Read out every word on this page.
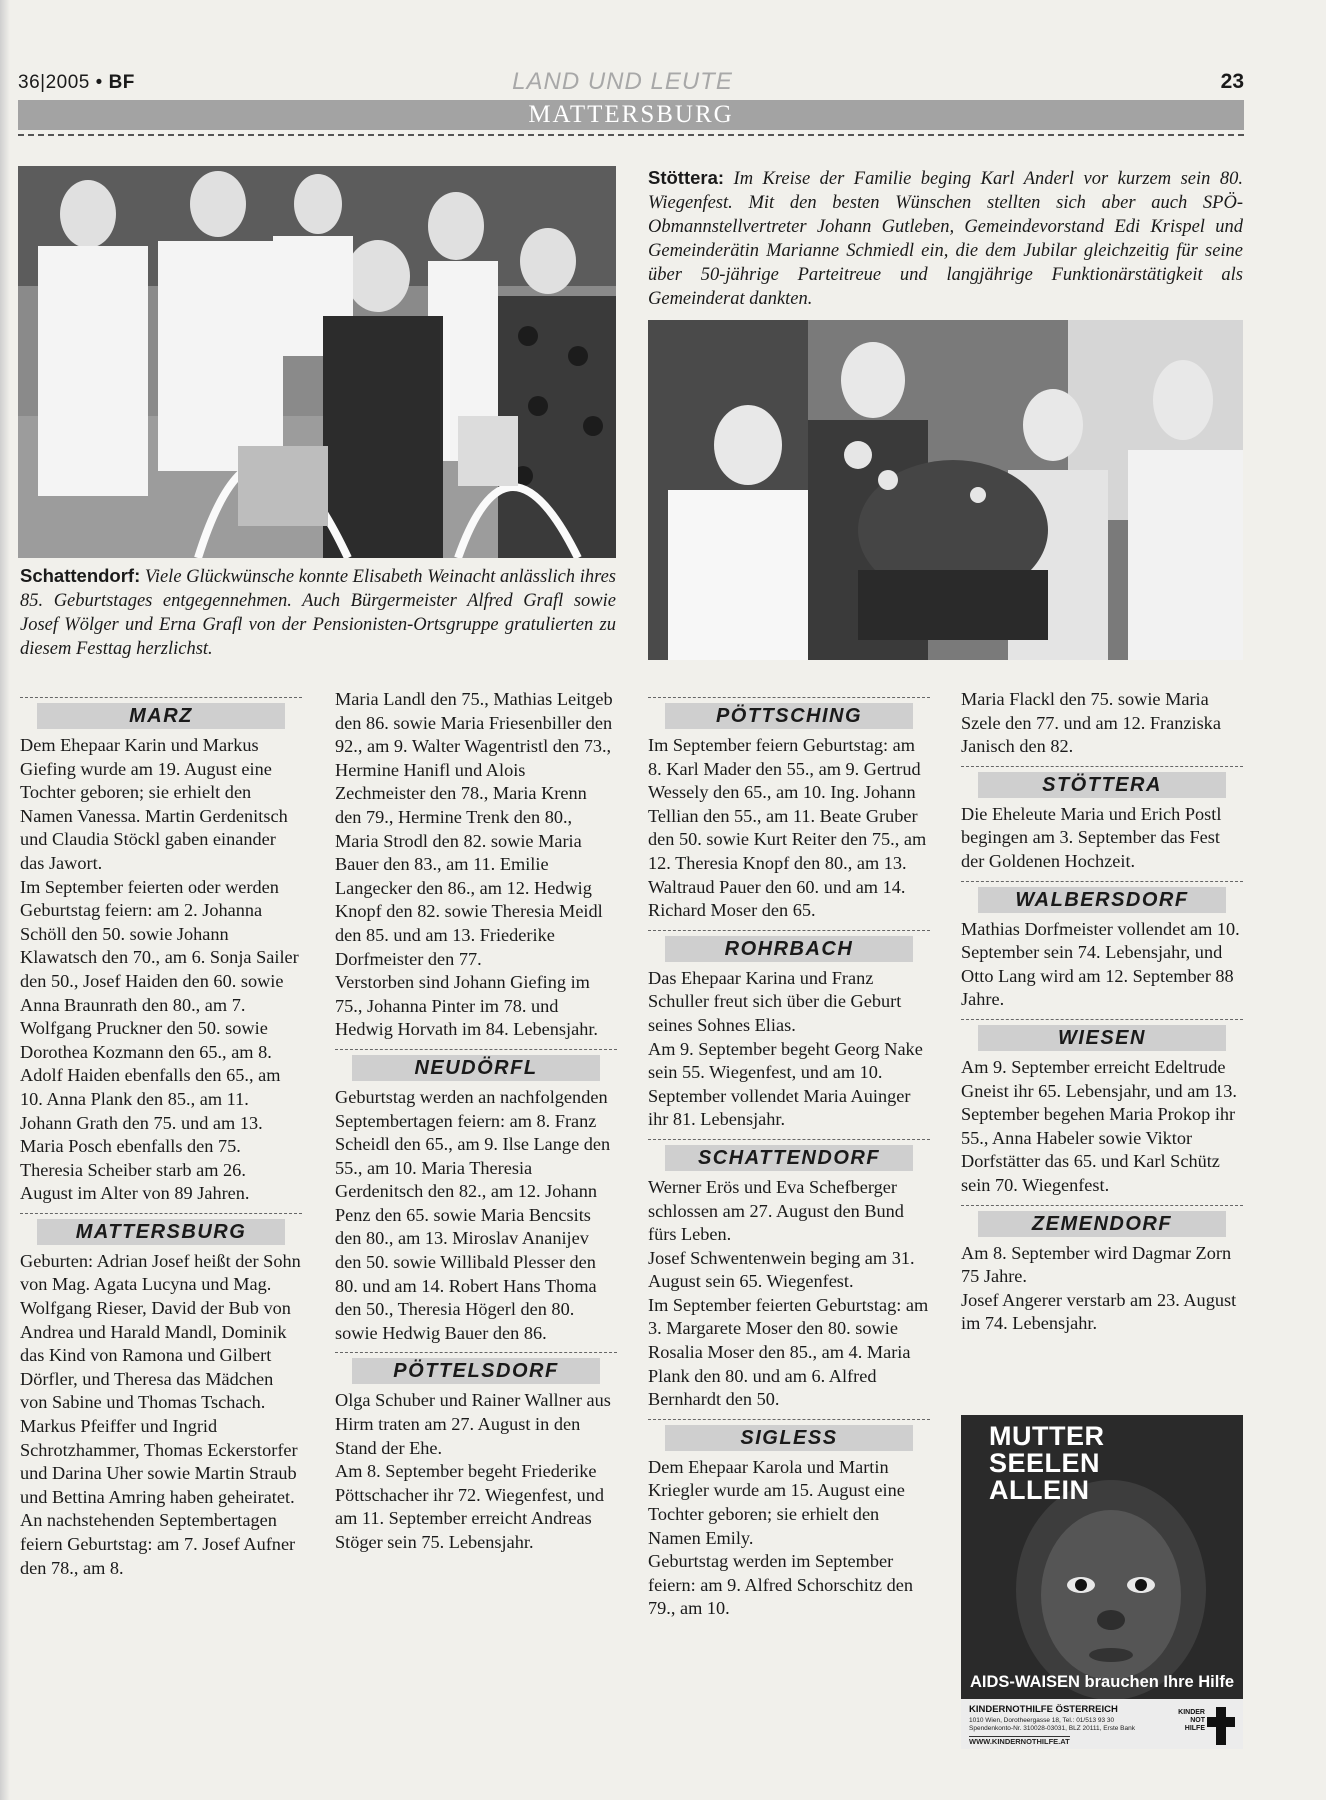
36|2005 • BF	LAND UND LEUTE	23
MATTERSBURG
Stöttera: Im Kreise der Familie beging Karl Anderl vor kurzem sein 80. Wiegenfest. Mit den besten Wünschen stellten sich aber auch SPÖ-Obmannstellvertreter Johann Gutleben, Gemeindevorstand Edi Krispel und Gemeinderätin Marianne Schmiedl ein, die dem Jubilar gleichzeitig für seine über 50-jährige Parteitreue und langjährige Funktionärstätigkeit als Gemeinderat dankten.
Schattendorf: Viele Glückwünsche konnte Elisabeth Weinacht anlässlich ihres 85. Geburtstages entgegennehmen. Auch Bürgermeister Alfred Grafl sowie Josef Wölger und Erna Grafl von der Pensionisten-Ortsgruppe gratulierten zu diesem Festtag herzlichst.
MARZ

Dem Ehepaar Karin und Markus Giefing wurde am 19. August eine Tochter geboren; sie erhielt den Namen Vanessa. Martin Gerdenitsch und Claudia Stöckl gaben einander das Jawort.

Im September feierten oder werden Geburtstag feiern: am 2. Johanna Schöll den 50. sowie Johann Klawatsch den 70., am 6. Sonja Sailer den 50., Josef Haiden den 60. sowie Anna Braunrath den 80., am 7. Wolfgang Pruckner den 50. sowie Dorothea Kozmann den 65., am 8. Adolf Haiden ebenfalls den 65., am 10. Anna Plank den 85., am 11. Johann Grath den 75. und am 13. Maria Posch ebenfalls den 75.

Theresia Scheiber starb am 26. August im Alter von 89 Jahren.

MATTERSBURG

Geburten: Adrian Josef heißt der Sohn von Mag. Agata Lucyna und Mag. Wolfgang Rieser, David der Bub von Andrea und Harald Mandl, Dominik das Kind von Ramona und Gilbert Dörfler, und Theresa das Mädchen von Sabine und Thomas Tschach.

Markus Pfeiffer und Ingrid Schrotzhammer, Thomas Eckerstorfer und Darina Uher sowie Martin Straub und Bettina Amring haben geheiratet.

An nachstehenden Septembertagen feiern Geburtstag: am 7. Josef Aufner den 78., am 8.

Maria Landl den 75., Mathias Leitgeb den 86. sowie Maria Friesenbiller den 92., am 9. Walter Wagentristl den 73., Hermine Hanifl und Alois Zechmeister den 78., Maria Krenn den 79., Hermine Trenk den 80., Maria Strodl den 82. sowie Maria Bauer den 83., am 11. Emilie Langecker den 86., am 12. Hedwig Knopf den 82. sowie Theresia Meidl den 85. und am 13. Friederike Dorfmeister den 77.

Verstorben sind Johann Giefing im 75., Johanna Pinter im 78. und Hedwig Horvath im 84. Lebensjahr.

NEUDÖRFL

Geburtstag werden an nachfolgenden Septembertagen feiern: am 8. Franz Scheidl den 65., am 9. Ilse Lange den 55., am 10. Maria Theresia Gerdenitsch den 82., am 12. Johann Penz den 65. sowie Maria Bencsits den 80., am 13. Miroslav Ananijev den 50. sowie Willibald Plesser den 80. und am 14. Robert Hans Thoma den 50., Theresia Högerl den 80. sowie Hedwig Bauer den 86.

PÖTTELSDORF

Olga Schuber und Rainer Wallner aus Hirm traten am 27. August in den Stand der Ehe.

Am 8. September begeht Friederike Pöttschacher ihr 72. Wiegenfest, und am 11. September erreicht Andreas Stöger sein 75. Lebensjahr.

PÖTTSCHING

Im September feiern Geburtstag: am 8. Karl Mader den 55., am 9. Gertrud Wessely den 65., am 10. Ing. Johann Tellian den 55., am 11. Beate Gruber den 50. sowie Kurt Reiter den 75., am 12. Theresia Knopf den 80., am 13. Waltraud Pauer den 60. und am 14. Richard Moser den 65.

ROHRBACH

Das Ehepaar Karina und Franz Schuller freut sich über die Geburt seines Sohnes Elias.

Am 9. September begeht Georg Nake sein 55. Wiegenfest, und am 10. September vollendet Maria Auinger ihr 81. Lebensjahr.

SCHATTENDORF

Werner Erös und Eva Schefberger schlossen am 27. August den Bund fürs Leben.

Josef Schwentenwein beging am 31. August sein 65. Wiegenfest.

Im September feierten Geburtstag: am 3. Margarete Moser den 80. sowie Rosalia Moser den 85., am 4. Maria Plank den 80. und am 6. Alfred Bernhardt den 50.

SIGLESS

Dem Ehepaar Karola und Martin Kriegler wurde am 15. August eine Tochter geboren; sie erhielt den Namen Emily.

Geburtstag werden im September feiern: am 9. Alfred Schorschitz den 79., am 10.

Maria Flackl den 75. sowie Maria Szele den 77. und am 12. Franziska Janisch den 82.

STÖTTERA

Die Eheleute Maria und Erich Postl begingen am 3. September das Fest der Goldenen Hochzeit.

WALBERSDORF

Mathias Dorfmeister vollendet am 10. September sein 74. Lebensjahr, und Otto Lang wird am 12. September 88 Jahre.

WIESEN

Am 9. September erreicht Edeltrude Gneist ihr 65. Lebensjahr, und am 13. September begehen Maria Prokop ihr 55., Anna Habeler sowie Viktor Dorfstätter das 65. und Karl Schütz sein 70. Wiegenfest.

ZEMENDORF

Am 8. September wird Dagmar Zorn 75 Jahre.

Josef Angerer verstarb am 23. August im 74. Lebensjahr.

MUTTER
SEELEN
ALLEIN
AIDS-WAISEN brauchen Ihre Hilfe
KINDERNOTHILFE ÖSTERREICH
1010 Wien, Dorotheergasse 18, Tel.: 01/513 93 30
Spendenkonto-Nr. 310028-03031, BLZ 20111, Erste Bank
WWW.KINDERNOTHILFE.AT
KINDER
NOT
HILFE
